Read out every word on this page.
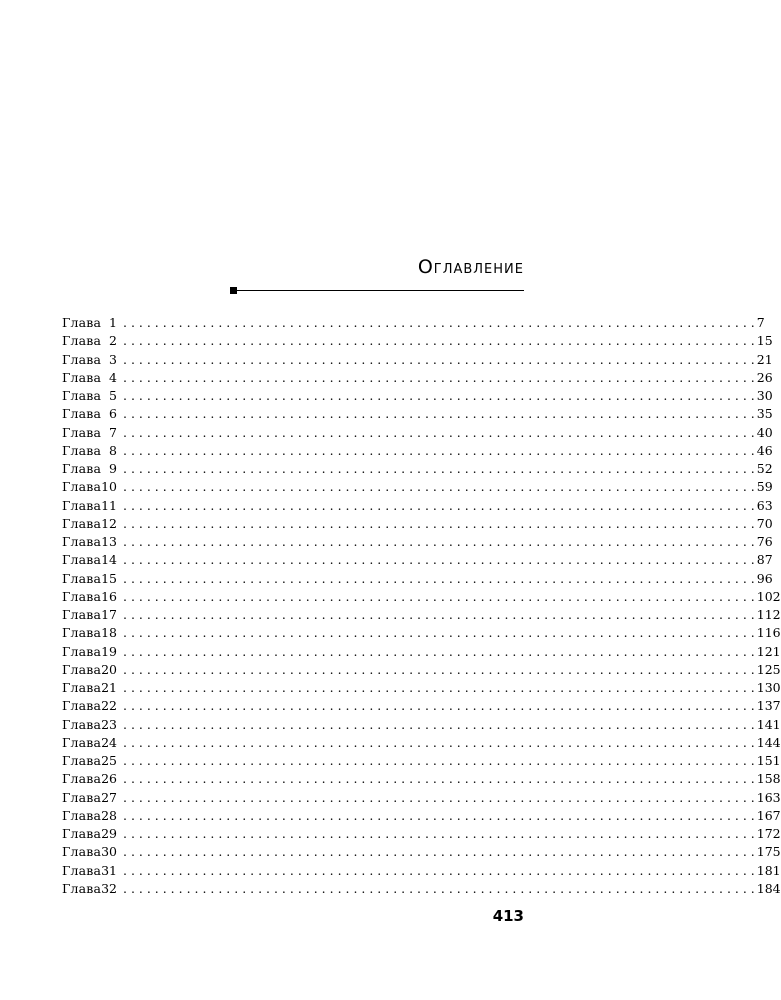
Оглавление
Глава 1 . . . . . . . . . . . . . . . . . . . . . . . . . . . . . . . . . . . . . . . . . . . . . . . . . . . . . . . . . . . . . . . . . . . . . . . . . . . . . . . . 7
Глава 2 . . . . . . . . . . . . . . . . . . . . . . . . . . . . . . . . . . . . . . . . . . . . . . . . . . . . . . . . . . . . . . . . . . . . . . . . . . . . . . . . 15
Глава 3 . . . . . . . . . . . . . . . . . . . . . . . . . . . . . . . . . . . . . . . . . . . . . . . . . . . . . . . . . . . . . . . . . . . . . . . . . . . . . . . . 21
Глава 4 . . . . . . . . . . . . . . . . . . . . . . . . . . . . . . . . . . . . . . . . . . . . . . . . . . . . . . . . . . . . . . . . . . . . . . . . . . . . . . . . 26
Глава 5 . . . . . . . . . . . . . . . . . . . . . . . . . . . . . . . . . . . . . . . . . . . . . . . . . . . . . . . . . . . . . . . . . . . . . . . . . . . . . . . . 30
Глава 6 . . . . . . . . . . . . . . . . . . . . . . . . . . . . . . . . . . . . . . . . . . . . . . . . . . . . . . . . . . . . . . . . . . . . . . . . . . . . . . . . 35
Глава 7 . . . . . . . . . . . . . . . . . . . . . . . . . . . . . . . . . . . . . . . . . . . . . . . . . . . . . . . . . . . . . . . . . . . . . . . . . . . . . . . . 40
Глава 8 . . . . . . . . . . . . . . . . . . . . . . . . . . . . . . . . . . . . . . . . . . . . . . . . . . . . . . . . . . . . . . . . . . . . . . . . . . . . . . . . 46
Глава 9 . . . . . . . . . . . . . . . . . . . . . . . . . . . . . . . . . . . . . . . . . . . . . . . . . . . . . . . . . . . . . . . . . . . . . . . . . . . . . . . . 52
Глава 10 . . . . . . . . . . . . . . . . . . . . . . . . . . . . . . . . . . . . . . . . . . . . . . . . . . . . . . . . . . . . . . . . . . . . . . . . . . . . . . . . 59
Глава 11 . . . . . . . . . . . . . . . . . . . . . . . . . . . . . . . . . . . . . . . . . . . . . . . . . . . . . . . . . . . . . . . . . . . . . . . . . . . . . . . . 63
Глава 12 . . . . . . . . . . . . . . . . . . . . . . . . . . . . . . . . . . . . . . . . . . . . . . . . . . . . . . . . . . . . . . . . . . . . . . . . . . . . . . . . 70
Глава 13 . . . . . . . . . . . . . . . . . . . . . . . . . . . . . . . . . . . . . . . . . . . . . . . . . . . . . . . . . . . . . . . . . . . . . . . . . . . . . . . . 76
Глава 14 . . . . . . . . . . . . . . . . . . . . . . . . . . . . . . . . . . . . . . . . . . . . . . . . . . . . . . . . . . . . . . . . . . . . . . . . . . . . . . . . 87
Глава 15 . . . . . . . . . . . . . . . . . . . . . . . . . . . . . . . . . . . . . . . . . . . . . . . . . . . . . . . . . . . . . . . . . . . . . . . . . . . . . . . . 96
Глава 16 . . . . . . . . . . . . . . . . . . . . . . . . . . . . . . . . . . . . . . . . . . . . . . . . . . . . . . . . . . . . . . . . . . . . . . . . . . . . . . . . 102
Глава 17 . . . . . . . . . . . . . . . . . . . . . . . . . . . . . . . . . . . . . . . . . . . . . . . . . . . . . . . . . . . . . . . . . . . . . . . . . . . . . . . . 112
Глава 18 . . . . . . . . . . . . . . . . . . . . . . . . . . . . . . . . . . . . . . . . . . . . . . . . . . . . . . . . . . . . . . . . . . . . . . . . . . . . . . . . 116
Глава 19 . . . . . . . . . . . . . . . . . . . . . . . . . . . . . . . . . . . . . . . . . . . . . . . . . . . . . . . . . . . . . . . . . . . . . . . . . . . . . . . . 121
Глава 20 . . . . . . . . . . . . . . . . . . . . . . . . . . . . . . . . . . . . . . . . . . . . . . . . . . . . . . . . . . . . . . . . . . . . . . . . . . . . . . . . 125
Глава 21 . . . . . . . . . . . . . . . . . . . . . . . . . . . . . . . . . . . . . . . . . . . . . . . . . . . . . . . . . . . . . . . . . . . . . . . . . . . . . . . . 130
Глава 22 . . . . . . . . . . . . . . . . . . . . . . . . . . . . . . . . . . . . . . . . . . . . . . . . . . . . . . . . . . . . . . . . . . . . . . . . . . . . . . . . 137
Глава 23 . . . . . . . . . . . . . . . . . . . . . . . . . . . . . . . . . . . . . . . . . . . . . . . . . . . . . . . . . . . . . . . . . . . . . . . . . . . . . . . . 141
Глава 24 . . . . . . . . . . . . . . . . . . . . . . . . . . . . . . . . . . . . . . . . . . . . . . . . . . . . . . . . . . . . . . . . . . . . . . . . . . . . . . . . 144
Глава 25 . . . . . . . . . . . . . . . . . . . . . . . . . . . . . . . . . . . . . . . . . . . . . . . . . . . . . . . . . . . . . . . . . . . . . . . . . . . . . . . . 151
Глава 26 . . . . . . . . . . . . . . . . . . . . . . . . . . . . . . . . . . . . . . . . . . . . . . . . . . . . . . . . . . . . . . . . . . . . . . . . . . . . . . . . 158
Глава 27 . . . . . . . . . . . . . . . . . . . . . . . . . . . . . . . . . . . . . . . . . . . . . . . . . . . . . . . . . . . . . . . . . . . . . . . . . . . . . . . . 163
Глава 28 . . . . . . . . . . . . . . . . . . . . . . . . . . . . . . . . . . . . . . . . . . . . . . . . . . . . . . . . . . . . . . . . . . . . . . . . . . . . . . . . 167
Глава 29 . . . . . . . . . . . . . . . . . . . . . . . . . . . . . . . . . . . . . . . . . . . . . . . . . . . . . . . . . . . . . . . . . . . . . . . . . . . . . . . . 172
Глава 30 . . . . . . . . . . . . . . . . . . . . . . . . . . . . . . . . . . . . . . . . . . . . . . . . . . . . . . . . . . . . . . . . . . . . . . . . . . . . . . . . 175
Глава 31 . . . . . . . . . . . . . . . . . . . . . . . . . . . . . . . . . . . . . . . . . . . . . . . . . . . . . . . . . . . . . . . . . . . . . . . . . . . . . . . . 181
Глава 32 . . . . . . . . . . . . . . . . . . . . . . . . . . . . . . . . . . . . . . . . . . . . . . . . . . . . . . . . . . . . . . . . . . . . . . . . . . . . . . . . 184
413
